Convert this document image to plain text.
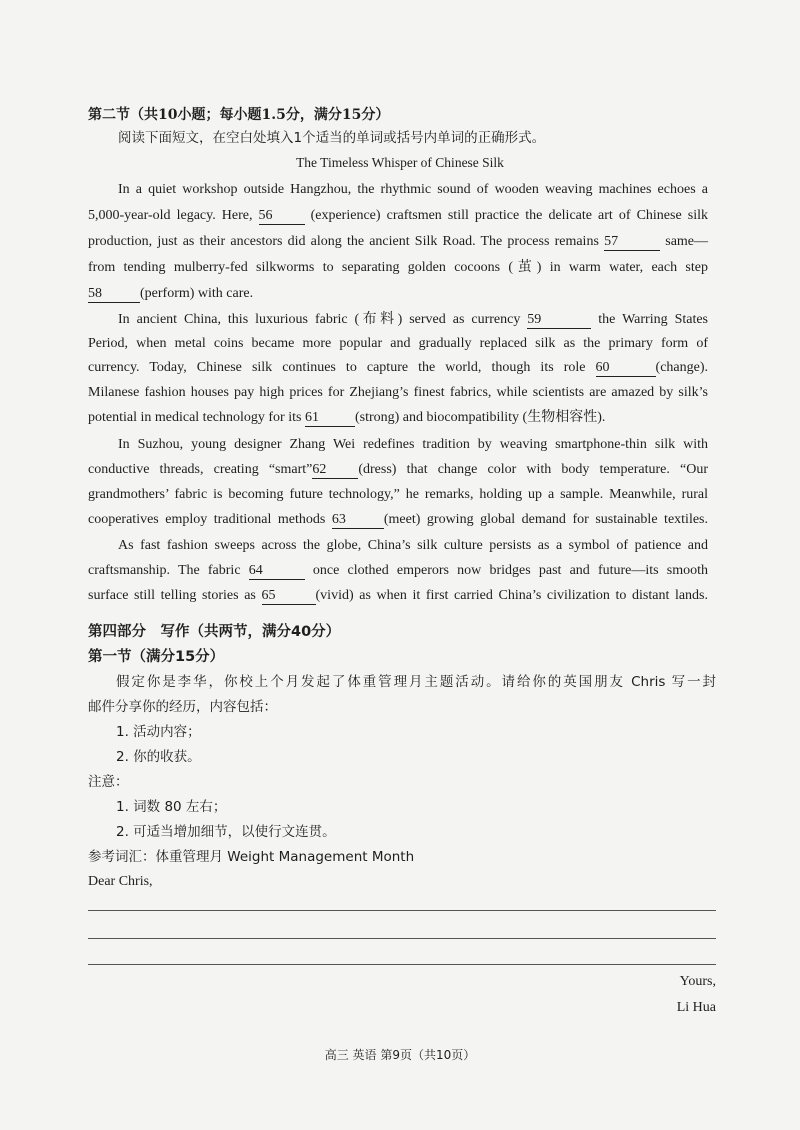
第二节（共10小题；每小题1.5分，满分15分）
阅读下面短文，在空白处填入1个适当的单词或括号内单词的正确形式。
The Timeless Whisper of Chinese Silk
In a quiet workshop outside Hangzhou, the rhythmic sound of wooden weaving machines echoes a
5,000-year-old legacy. Here, 56	(experience) craftsmen still practice the delicate art of Chinese silk
production, just as their ancestors did along the ancient Silk Road. The process remains 57	same—
from tending mulberry-fed silkworms to separating golden cocoons (茧) in warm water, each step
58	(perform) with care.
In ancient China, this luxurious fabric (布料) served as currency 59	the Warring States
Period, when metal coins became more popular and gradually replaced silk as the primary form of
currency. Today, Chinese silk continues to capture the world, though its role 60	(change).
Milanese fashion houses pay high prices for Zhejiang’s finest fabrics, while scientists are amazed by silk’s
potential in medical technology for its 61	(strong) and biocompatibility (生物相容性).
In Suzhou, young designer Zhang Wei redefines tradition by weaving smartphone-thin silk with
conductive threads, creating “smart”62 (dress) that change color with body temperature. “Our
grandmothers’ fabric is becoming future technology,” he remarks, holding up a sample. Meanwhile, rural
cooperatives employ traditional methods 63	(meet) growing global demand for sustainable textiles.
As fast fashion sweeps across the globe, China’s silk culture persists as a symbol of patience and
craftsmanship. The fabric 64	once clothed emperors now bridges past and future—its smooth
surface still telling stories as 65	(vivid) as when it first carried China’s civilization to distant lands.
第四部分　写作（共两节，满分40分）
第一节（满分15分）
假定你是李华，你校上个月发起了体重管理月主题活动。请给你的英国朋友 Chris 写一封
邮件分享你的经历，内容包括：
1. 活动内容；
2. 你的收获。
注意：
1. 词数 80 左右；
2. 可适当增加细节，以使行文连贯。
参考词汇：体重管理月 Weight Management Month
Dear Chris,
Yours,
Li Hua
高三 英语 第9页（共10页）
